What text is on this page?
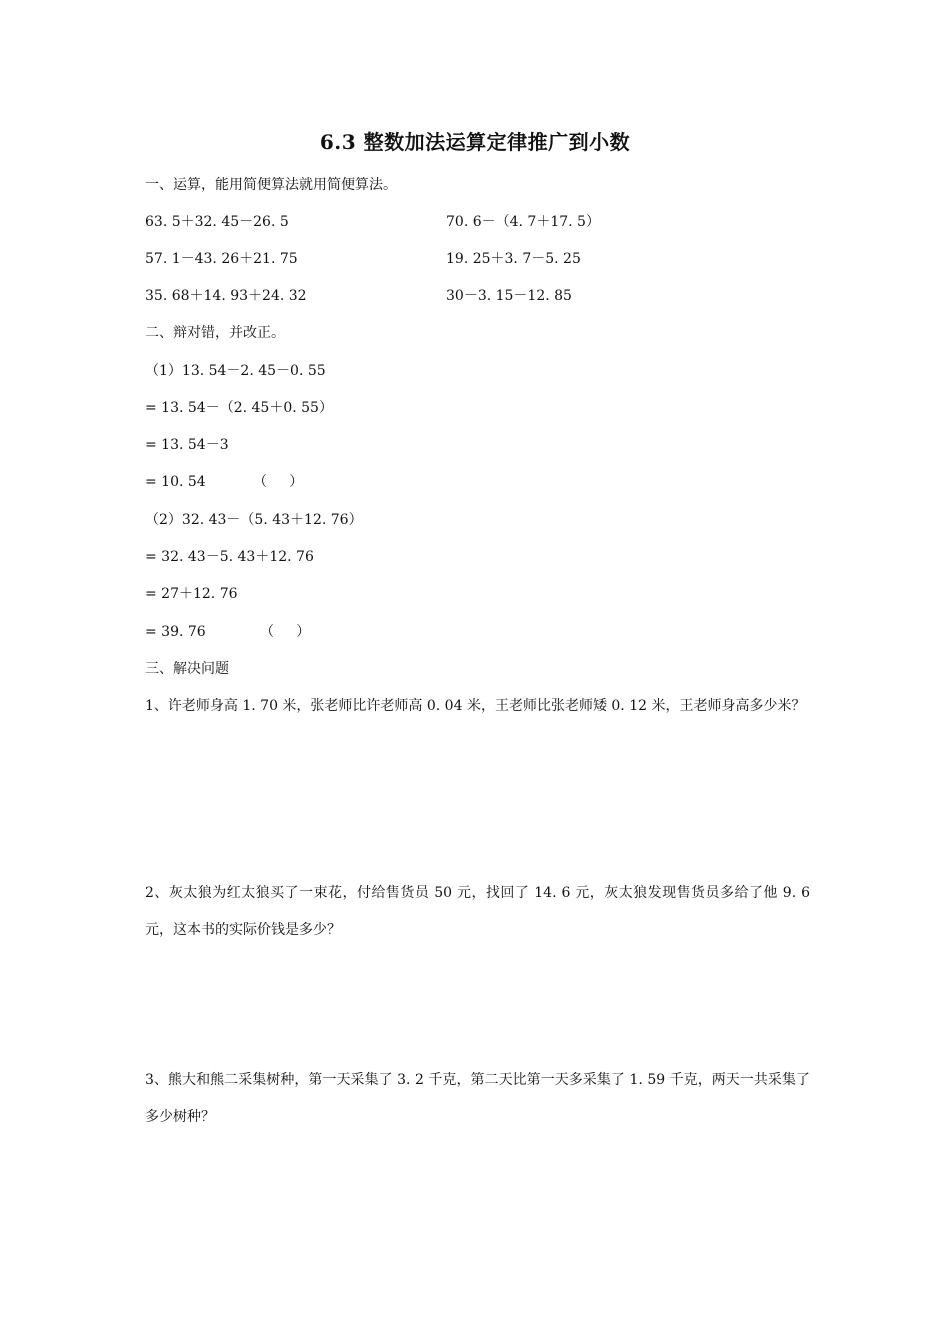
6.3 整数加法运算定律推广到小数
一、运算，能用简便算法就用简便算法。
63. 5＋32. 45－26. 5	70. 6－（4. 7＋17. 5）
57. 1－43. 26＋21. 75	19. 25＋3. 7－5. 25
35. 68＋14. 93＋24. 32	30－3. 15－12. 85
二、辩对错，并改正。
（1）13. 54－2. 45－0. 55
= 13. 54－（2. 45＋0. 55）
= 13. 54－3
= 10. 54	（     ）
（2）32. 43－（5. 43＋12. 76）
= 32. 43－5. 43＋12. 76
= 27＋12. 76
= 39. 76	（     ）
三、解决问题
1、许老师身高 1. 70 米，张老师比许老师高 0. 04 米，王老师比张老师矮 0. 12 米，王老师身高多少米？
2、灰太狼为红太狼买了一束花，付给售货员 50 元，找回了 14. 6 元，灰太狼发现售货员多给了他 9. 6 元，这本书的实际价钱是多少？
3、熊大和熊二采集树种，第一天采集了 3. 2 千克，第二天比第一天多采集了 1. 59 千克，两天一共采集了多少树种？
